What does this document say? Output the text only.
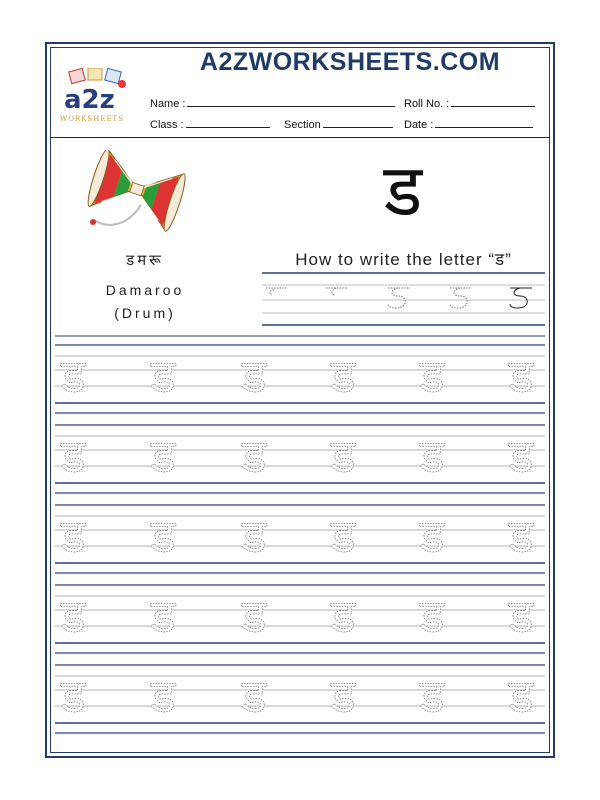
A2ZWORKSHEETS.COM
a2z
WORKSHEETS
Name :	Roll No. :
Class :	Section	Date :
ड
डमरू
Damaroo
(Drum)
How to write the letter “ड”
ड ड ड ड ड ड
ड ड ड ड ड ड
ड ड ड ड ड ड
ड ड ड ड ड ड
ड ड ड ड ड ड
